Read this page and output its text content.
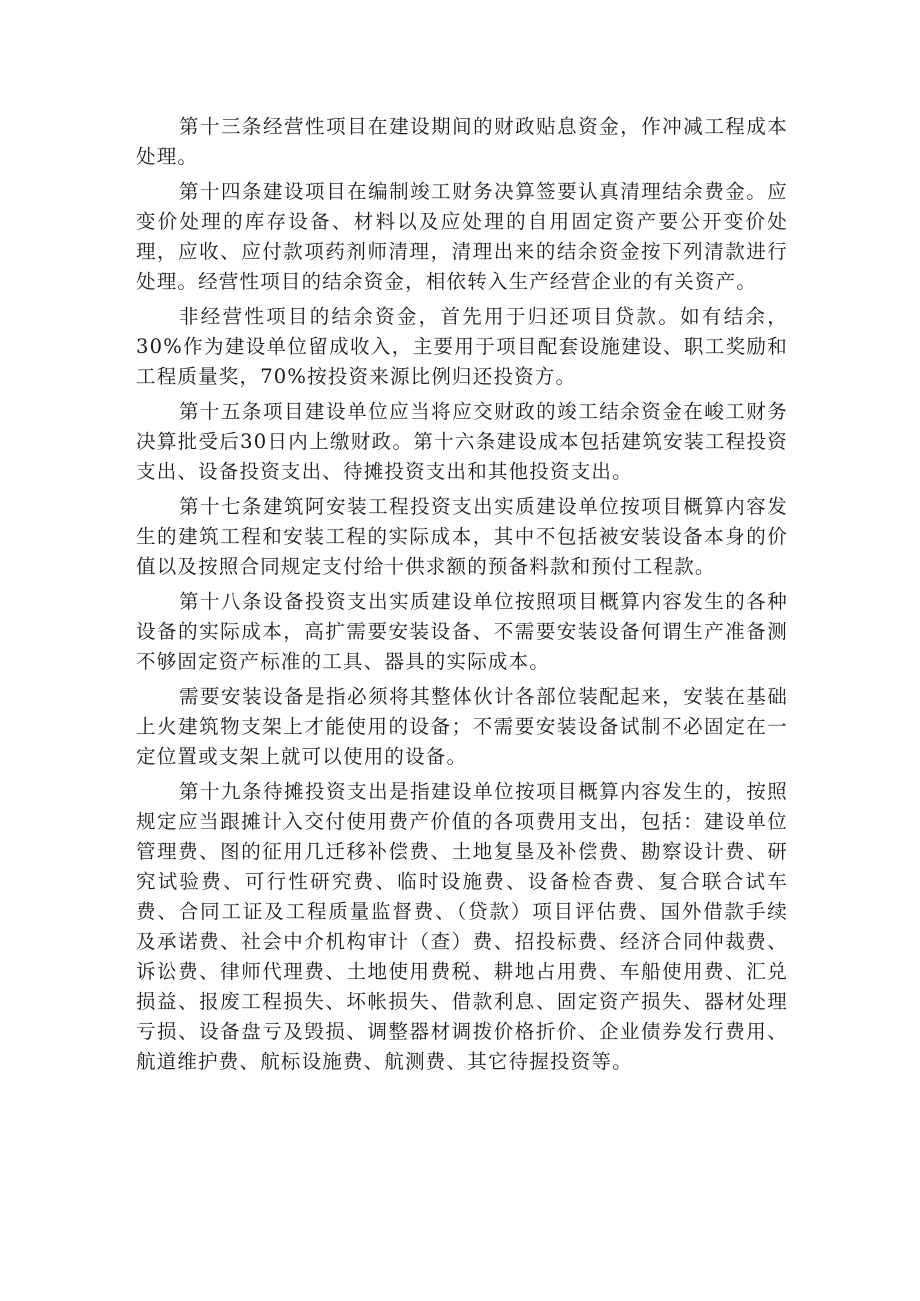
第十三条经营性项目在建设期间的财政贴息资金，作冲减工程成本处理。

第十四条建设项目在编制竣工财务决算签要认真清理结余费金。应变价处理的库存设备、材料以及应处理的自用固定资产要公开变价处理，应收、应付款项药剂师清理，清理出来的结余资金按下列清款进行处理。经营性项目的结余资金，相依转入生产经营企业的有关资产。

非经营性项目的结余资金，首先用于归还项目贷款。如有结余，30%作为建设单位留成收入，主要用于项目配套设施建设、职工奖励和工程质量奖，70%按投资来源比例归还投资方。

第十五条项目建设单位应当将应交财政的竣工结余资金在峻工财务决算批受后30日内上缴财政。第十六条建设成本包括建筑安装工程投资支出、设备投资支出、待摊投资支出和其他投资支出。

第十七条建筑阿安装工程投资支出实质建设单位按项目概算内容发生的建筑工程和安装工程的实际成本，其中不包括被安装设备本身的价值以及按照合同规定支付给十供求额的预备料款和预付工程款。

第十八条设备投资支出实质建设单位按照项目概算内容发生的各种设备的实际成本，高扩需要安装设备、不需要安装设备何谓生产准备测不够固定资产标准的工具、器具的实际成本。

需要安装设备是指必须将其整体伙计各部位装配起来，安装在基础上火建筑物支架上才能使用的设备；不需要安装设备试制不必固定在一定位置或支架上就可以使用的设备。

第十九条待摊投资支出是指建设单位按项目概算内容发生的，按照规定应当跟摊计入交付使用费产价值的各项费用支出，包括：建设单位管理费、图的征用几迁移补偿费、土地复垦及补偿费、勘察设计费、研究试验费、可行性研究费、临时设施费、设备检杳费、复合联合试车费、合同工证及工程质量监督费、（贷款）项目评估费、国外借款手续及承诺费、社会中介机构审计（查）费、招投标费、经济合同仲裁费、诉讼费、律师代理费、土地使用费税、耕地占用费、车船使用费、汇兑损益、报废工程损失、坏帐损失、借款利息、固定资产损失、器材处理亏损、设备盘亏及毁损、调整器材调拨价格折价、企业债券发行费用、航道维护费、航标设施费、航测费、其它待握投资等。
